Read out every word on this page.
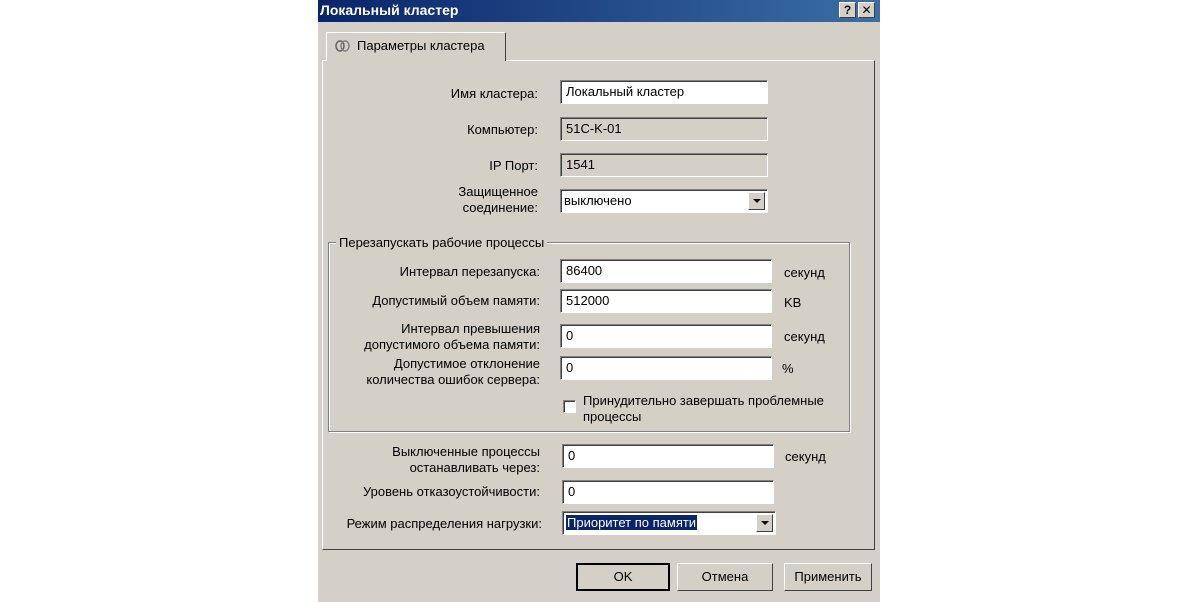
Локальный кластер	? ✕
Параметры кластера
Имя кластера:	Локальный кластер
Компьютер:	51C-K-01
IP Порт:	1541
Защищенное
соединение:	выключено
Перезапускать рабочие процессы
Интервал перезапуска:	86400	секунд
Допустимый объем памяти:	512000	KB
Интервал превышения
допустимого объема памяти:
0	секунд
Допустимое отклонение
количества ошибок сервера:
0	%
Принудительно завершать проблемные
процессы
Выключенные процессы
останавливать через:
0	секунд
Уровень отказоустойчивости:	0
Режим распределения нагрузки:	Приоритет по памяти
OK	Отмена	Применить
